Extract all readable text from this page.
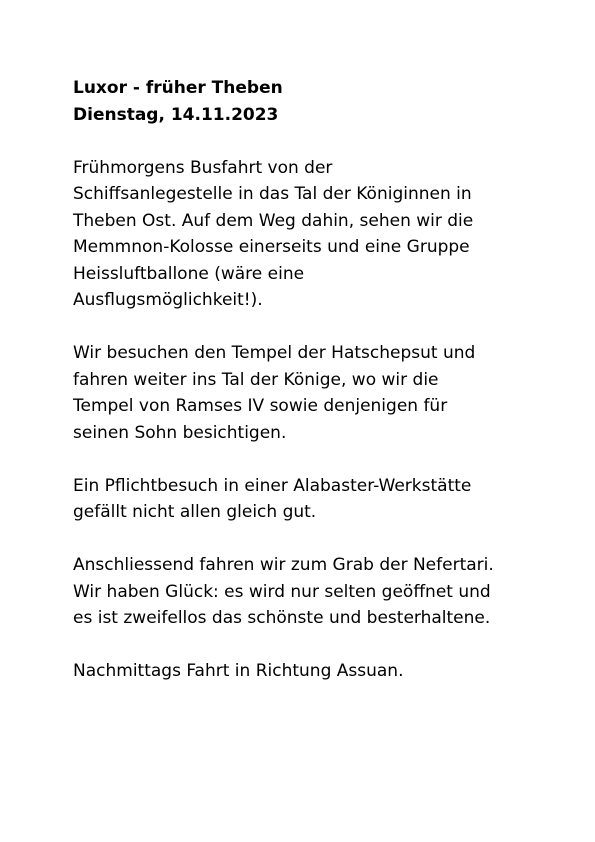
Luxor - früher Theben
Dienstag, 14.11.2023
Frühmorgens Busfahrt von der
Schiffsanlegestelle in das Tal der Königinnen in
Theben Ost. Auf dem Weg dahin, sehen wir die
Memmnon-Kolosse einerseits und eine Gruppe
Heissluftballone (wäre eine
Ausflugsmöglichkeit!).
Wir besuchen den Tempel der Hatschepsut und
fahren weiter ins Tal der Könige, wo wir die
Tempel von Ramses IV sowie denjenigen für
seinen Sohn besichtigen.
Ein Pflichtbesuch in einer Alabaster-Werkstätte
gefällt nicht allen gleich gut.
Anschliessend fahren wir zum Grab der Nefertari.
Wir haben Glück: es wird nur selten geöffnet und
es ist zweifellos das schönste und besterhaltene.
Nachmittags Fahrt in Richtung Assuan.
